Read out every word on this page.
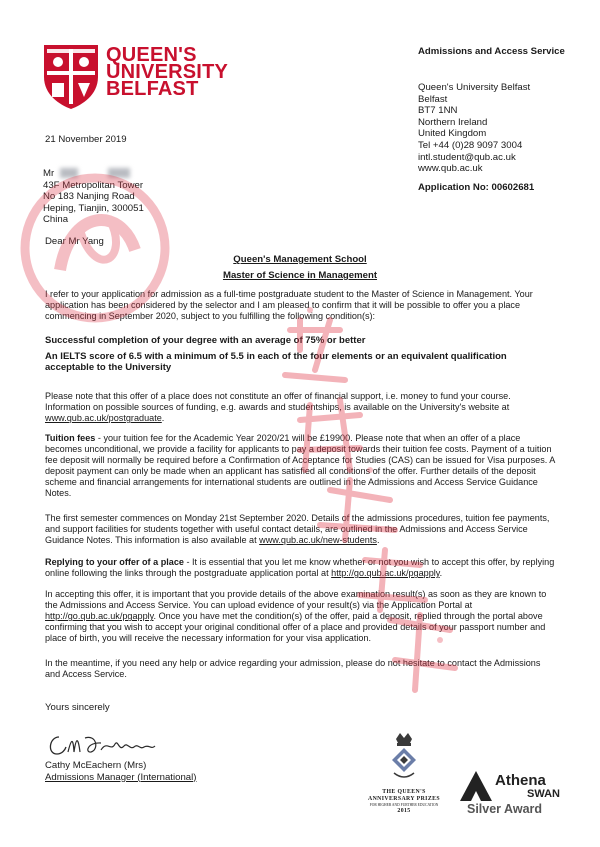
QUEEN'S
UNIVERSITY
BELFAST
Admissions and Access Service
Queen's University Belfast
Belfast
BT7 1NN
Northern Ireland
United Kingdom
Tel +44 (0)28 9097 3004
intl.student@qub.ac.uk
www.qub.ac.uk
Application No: 00602681
21 November 2019
Mr
43F Metropolitan Tower
No 183 Nanjing Road
Heping, Tianjin, 300051
China
Dear Mr Yang
Queen's Management School
Master of Science in Management

I refer to your application for admission as a full-time postgraduate student to the Master of Science in Management. Your application has been considered by the selector and I am pleased to confirm that it will be possible to offer you a place commencing in September 2020, subject to you fulfilling the following condition(s):

Successful completion of your degree with an average of 75% or better

An IELTS score of 6.5 with a minimum of 5.5 in each of the four elements or an equivalent qualification acceptable to the University

Please note that this offer of a place does not constitute an offer of financial support, i.e. money to fund your course. Information on possible sources of funding, e.g. awards and studentships, is available on the University's website at www.qub.ac.uk/postgraduate.

Tuition fees - your tuition fee for the Academic Year 2020/21 will be £19900. Please note that when an offer of a place becomes unconditional, we provide a facility for applicants to pay a deposit towards their tuition fee costs. Payment of a tuition fee deposit will normally be required before a Confirmation of Acceptance for Studies (CAS) can be issued for Visa purposes. A deposit payment can only be made when an applicant has satisfied all conditions of the offer. Further details of the deposit scheme and financial arrangements for international students are outlined in the Admissions and Access Service Guidance Notes.

The first semester commences on Monday 21st September 2020. Details of the admissions procedures, tuition fee payments, and support facilities for students together with useful contact details, are outlined in the Admissions and Access Service Guidance Notes. This information is also available at www.qub.ac.uk/new-students.

Replying to your offer of a place - It is essential that you let me know whether or not you wish to accept this offer, by replying online following the links through the postgraduate application portal at http://go.qub.ac.uk/pgapply.

In accepting this offer, it is important that you provide details of the above examination result(s) as soon as they are known to the Admissions and Access Service. You can upload evidence of your result(s) via the Application Portal at http://go.qub.ac.uk/pgapply. Once you have met the condition(s) of the offer, paid a deposit, replied through the portal above confirming that you wish to accept your original conditional offer of a place and provided details of your passport number and place of birth, you will receive the necessary information for your visa application.

In the meantime, if you need any help or advice regarding your admission, please do not hesitate to contact the Admissions and Access Service.

Yours sincerely
Cathy McEachern (Mrs)
Admissions Manager (International)
THE QUEEN'S
ANNIVERSARY PRIZES
FOR HIGHER AND FURTHER EDUCATION
2015
Athena
SWAN
Silver Award
